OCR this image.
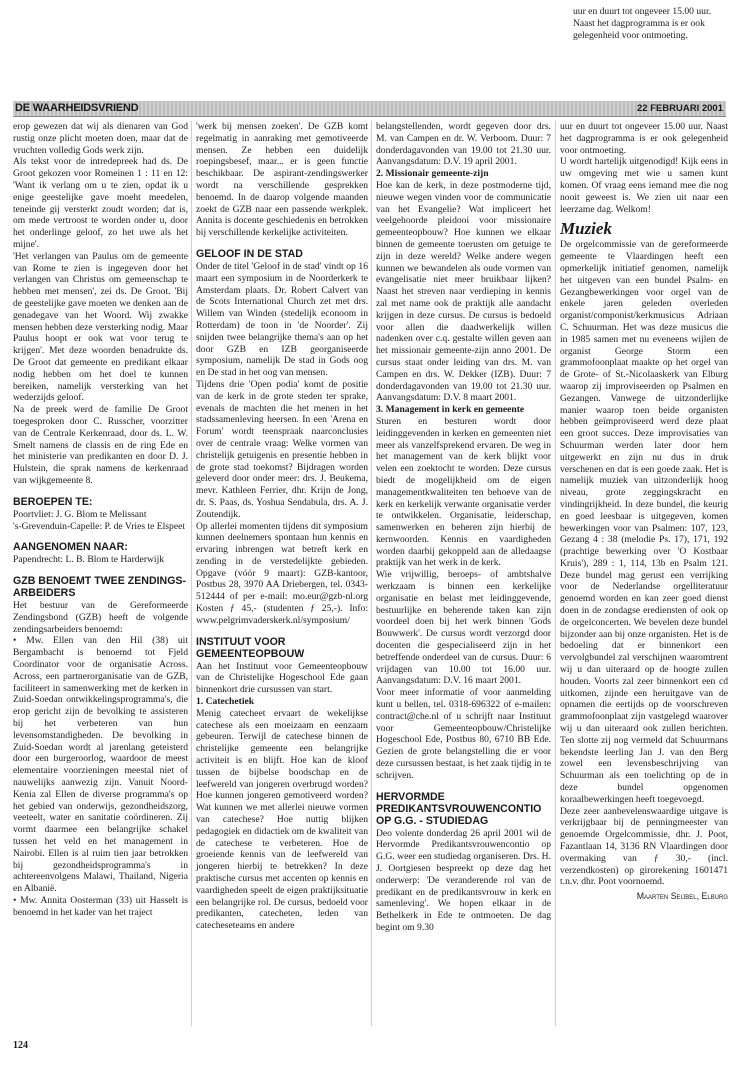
uur en duurt tot ongeveer 15.00 uur. Naast het dagprogramma is er ook gelegenheid voor ontmoeting.

DE WAARHEIDSVRIEND	22 FEBRUARI 2001

erop gewezen dat wij als dienaren van God rustig onze plicht moeten doen, maar dat de vruchten volledig Gods werk zijn.

Als tekst voor de intredepreek had ds. De Groot gekozen voor Romeinen 1 : 11 en 12: 'Want ik verlang om u te zien, opdat ik u enige geestelijke gave moeht meedelen, teneinde gij versterkt zoudt worden; dat is, om mede vertroost te worden onder u, door het onderlinge geloof, zo het uwe als het mijne'.

'Het verlangen van Paulus om de gemeente van Rome te zien is ingegeven door het verlangen van Christus om gemeenschap te hebben met mensen', zei ds. De Groot. 'Bij de geestelijke gave moeten we denken aan de genadegave van het Woord. Wij zwakke mensen hebben deze versterking nodig. Maar Paulus hoopt er ook wat voor terug te krijgen'. Met deze woorden benadrukte ds. De Groot dat gemeente en predikant elkaar nodig hebben om het doel te kunnen bereiken, namelijk versterking van het wederzijds geloof.

Na de preek werd de familie De Groot toegesproken door C. Russcher, voorzitter van de Centrale Kerkenraad, door ds. L. W. Smelt namens de classis en de ring Ede en het ministerie van predikanten en door D. J. Hulstein, die sprak namens de kerkenraad van wijkgemeente 8.

BEROEPEN TE:

Poortvliet: J. G. Blom te Melissant

's-Grevenduin-Capelle: P. de Vries te Elspeet

AANGENOMEN NAAR:

Papendrecht: L. B. Blom te Harderwijk

GZB BENOEMT TWEE ZENDINGS-ARBEIDERS

Het bestuur van de Gereformeerde Zendingsbond (GZB) heeft de volgende zendingsarbeiders benoemd:

• Mw. Ellen van den Hil (38) uit Bergambacht is benoemd tot Fjeld Coordinator voor de organisatie Across. Across, een partnerorganisatie van de GZB, faciliteert in samenwerking met de kerken in Zuid-Soedan ontwikkelingsprogramma's, die erop gericht zijn de bevolking te assisteren bij het verbeteren van hun levensomstandigheden. De bevolking in Zuid-Soedan wordt al jarenlang geteisterd door een burgeroorlog, waardoor de meest elementaire voorzieningen meestal niet of nauwelijks aanwezig zijn. Vanuit Noord-Kenia zal Ellen de diverse programma's op het gebied van onderwijs, gezondheidszorg, veeteelt, water en sanitatie coördineren. Zij vormt daarmee een belangrijke schakel tussen het veld en het management in Nairobi. Ellen is al ruim tien jaar betrokken bij gezondheidsprogramma's in achtereenvolgens Malawi, Thailand, Nigeria en Albanië.

• Mw. Annita Oosterman (33) uit Hasselt is benoemd in het kader van het traject

'werk bij mensen zoeken'. De GZB komt regelmatig in aanraking met gemotiveerde mensen. Ze hebben een duidelijk roepingsbesef, maar... er is geen functie beschikbaar. De aspirant-zendingswerker wordt na verschillende gesprekken benoemd. In de daarop volgende maanden zoekt de GZB naar een passende werkplek. Annita is docente geschiedenis en betrokken bij verschillende kerkelijke activiteiten.

GELOOF IN DE STAD

Onder de titel 'Geloof in de stad' vindt op 16 maart een symposium in de Noorderkerk te Amsterdam plaats. Dr. Robert Calvert van de Scots International Church zet met drs. Willem van Winden (stedelijk econoom in Rotterdam) de toon in 'de Noorder'. Zij snijden twee belangrijke thema's aan op het door GZB en IZB georganiseerde symposium, namelijk De stad in Gods oog en De stad in het oog van mensen.

Tijdens drie 'Open podia' komt de positie van de kerk in de grote steden ter sprake, evenals de machten die het menen in het stadssamenleving heersen. In een 'Arena en Forum' wordt teenspraak naarconclusies over de centrale vraag: Welke vormen van christelijk getuigenis en presentie hebben in de grote stad toekomst? Bijdragen worden geleverd door onder meer: drs. J. Beukema, mevr. Kathleen Ferrier, dhr. Krijn de Jong, dr. S. Paas, ds. Yoshua Sendabula, drs. A. J. Zoutendijk.

Op allerlei momenten tijdens dit symposium kunnen deelnemers spontaan hun kennis en ervaring inbrengen wat betreft kerk en zending in de verstedelijkte gebieden. Opgave (vóór 9 maart): GZB-kantoor, Postbus 28, 3970 AA Driebergen, tel. 0343-512444 of per e-mail: mo.eur@gzb-nl.org Kosten ƒ 45,- (studenten ƒ 25,-). Info: www.pelgrimvaderskerk.nl/symposium/

INSTITUUT VOOR GEMEENTEOPBOUW

Aan het Instituut voor Gemeenteopbouw van de Christelijke Hogeschool Ede gaan binnenkort drie cursussen van start.

1. Catechetiek

Menig catecheet ervaart de wekelijkse catechese als een moeizaam en eenzaam gebeuren. Terwijl de catechese binnen de christelijke gemeente een belangrijke activiteit is en blijft. Hoe kan de kloof tussen de bijbelse boodschap en de leefwereld van jongeren overbrugd worden? Hoe kunnen jongeren gemotiveerd worden? Wat kunnen we met allerlei nieuwe vormen van catechese? Hoe nuttig blijken pedagogiek en didactiek om de kwaliteit van de catechese te verbeteren. Hoe de groeiende kennis van de leefwereld van jongeren hierbij te betrekken? In deze praktische cursus met accenten op kennis en vaardigheden speelt de eigen praktijksituatie een belangrijke rol. De cursus, bedoeld voor predikanten, catecheten, leden van catecheseteams en andere

belangstellenden, wordt gegeven door drs. M. van Campen en dr. W. Verboom. Duur: 7 donderdagavonden van 19.00 tot 21.30 uur. Aanvangsdatum: D.V. 19 april 2001.

2. Missionair gemeente-zijn

Hoe kan de kerk, in deze postmoderne tijd, nieuwe wegen vinden voor de communicatie van het Evangelie? Wat impliceert het veelgehoorde pleidooi voor missionaire gemeenteopbouw? Hoe kunnen we elkaar binnen de gemeente toerusten om getuige te zijn in deze wereld? Welke andere wegen kunnen we bewandelen als oude vormen van evangelisatie niet meer bruikbaar lijken? Naast het streven naar verdieping in kennis zal met name ook de praktijk alle aandacht krijgen in deze cursus. De cursus is bedoeld voor allen die daadwerkelijk willen nadenken over c.q. gestalte willen geven aan het missionair gemeente-zijn anno 2001. De cursus staat onder leiding van drs. M. van Campen en drs. W. Dekker (IZB). Duur: 7 donderdagavonden van 19.00 tot 21.30 uur. Aanvangsdatum: D.V. 8 maart 2001.

3. Management in kerk en gemeente

Sturen en besturen wordt door leidinggevenden in kerken en gemeenten niet meer als vanzelfsprekend ervaren. De weg in het management van de kerk blijkt voor velen een zoektocht te worden. Deze cursus biedt de mogelijkheid om de eigen managementkwaliteiten ten behoeve van de kerk en kerkelijk verwante organisatie verder te ontwikkelen. Organisatie, leiderschap, samenwerken en beheren zijn hierbij de kernwoorden. Kennis en vaardigheden worden daarbij gekoppeld aan de alledaagse praktijk van het werk in de kerk.

Wie vrijwillig, beroeps- of ambtshalve werkzaam is binnen een kerkelijke organisatie en belast met leidinggevende, bestuurlijke en beherende taken kan zijn voordeel doen bij het werk binnen 'Gods Bouwwerk'. De cursus wordt verzorgd door docenten die gespecialiseerd zijn in het betreffende onderdeel van de cursus. Duur: 6 vrijdagen van 10.00 tot 16.00 uur. Aanvangsdatum: D.V. 16 maart 2001.

Voor meer informatie of voor aanmelding kunt u bellen, tel. 0318-696322 of e-mailen: contract@che.nl of u schrijft naar Instituut voor Gemeenteopbouw/Christelijke Hogeschool Ede, Postbus 80, 6710 BB Ede. Gezien de grote belangstelling die er voor deze cursussen bestaat, is het zaak tijdig in te schrijven.

HERVORMDE PREDIKANTSVROUWENCONTIO OP G.G. - STUDIEDAG

Deo volente donderdag 26 april 2001 wil de Hervormde Predikantsvrouwencontio op G.G. weer een studiedag organiseren. Drs. H. J. Oortgiesen bespreekt op deze dag het onderwerp: 'De veranderende rol van de predikant en de predikantsvrouw in kerk en samenleving'. We hopen elkaar in de Bethelkerk in Ede te ontmoeten. De dag begint om 9.30

uur en duurt tot ongeveer 15.00 uur. Naast het dagprogramma is er ook gelegenheid voor ontmoeting.

U wordt hartelijk uitgenodigd! Kijk eens in uw omgeving met wie u samen kunt komen. Of vraag eens iemand mee die nog nooit geweest is. We zien uit naar een leerzame dag. Welkom!

Muziek

De orgelcommissie van de gereformeerde gemeente te Vlaardingen heeft een opmerkelijk initiatief genomen, namelijk het uitgeven van een bundel Psalm- en Gezangbewerkingen voor orgel van de enkele jaren geleden overleden organist/componist/kerkmusicus Adriaan C. Schuurman. Het was deze musicus die in 1985 samen met nu eveneens wijlen de organist George Storm een grammofoonplaat maakte op het orgel van de Grote- of St.-Nicolaaskerk van Elburg waarop zij improviseerden op Psalmen en Gezangen. Vanwege de uitzonderlijke manier waarop toen beide organisten hebben geïmproviseerd werd deze plaat een groot succes. Deze improvisaties van Schuurman werden later door hem uitgewerkt en zijn nu dus in druk verschenen en dat is een goede zaak. Het is namelijk muziek van uitzonderlijk hoog niveau, grote zeggingskracht en vindingrijkheid. In deze bundel, die keurig en goed leesbaar is uitgegeven, komen bewerkingen voor van Psalmen: 107, 123, Gezang 4 : 38 (melodie Ps. 17), 171, 192 (prachtige bewerking over 'O Kostbaar Kruis'), 289 : 1, 114, 13b en Psalm 121. Deze bundel mag gerust een verrijking voor de Nederlandse orgelliteratuur genoemd worden en kan zeer goed dienst doen in de zondagse erediensten of ook op de orgelconcerten. We bevelen deze bundel bijzonder aan bij onze organisten. Het is de bedoeling dat er binnenkort een vervolgbundel zal verschijnen waaromtrent wij u dan uiteraard op de hoogte zullen houden. Voorts zal zeer binnenkort een cd uitkomen, zijnde een heruitgave van de opnamen die eertijds op de voorschreven grammofoonplaat zijn vastgelegd waarover wij u dan uiteraard ook zullen berichten. Ten slotte zij nog vermeld dat Schuurmans bekendste leerling Jan J. van den Berg zowel een levensbeschrijving van Schuurman als een toelichting op de in deze bundel opgenomen koraalbewerkingen heeft toegevoegd.

Deze zeer aanbevelenswaardige uitgave is verkrijgbaar bij de penningmeester van genoemde Orgelcommissie, dhr. J. Poot, Fazantlaan 14, 3136 RN Vlaardingen door overmaking van ƒ 30,- (incl. verzendkosten) op girorekening 1601471 t.n.v. dhr. Poot voornoemd.

Maarten Seijbel, Elburg
124
